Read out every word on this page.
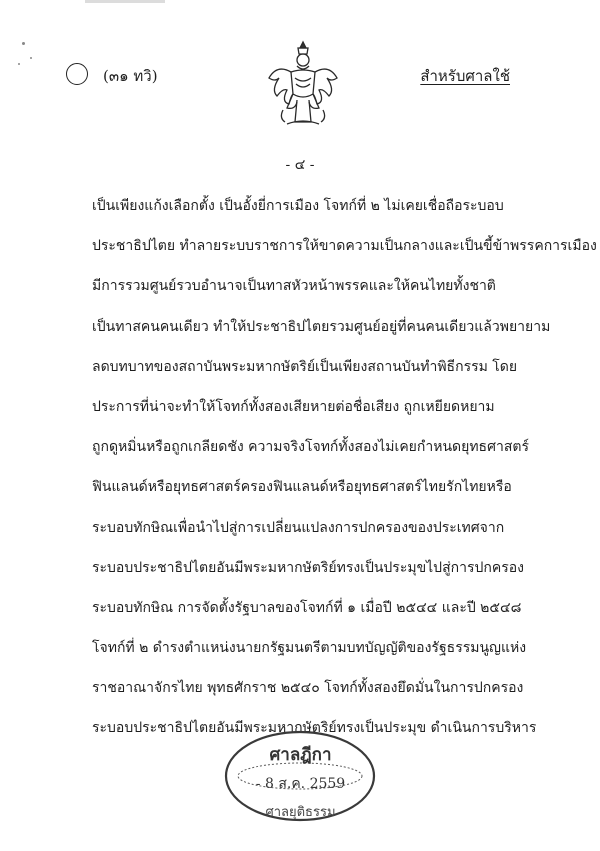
(๓๑ ทวิ)	สำหรับศาลใช้
- ๔ -
เป็นเพียงแก้งเลือกตั้ง เป็นอั้งยี่การเมือง โจทก์ที่ ๒ ไม่เคยเชื่อถือระบอบ
ประชาธิปไตย ทำลายระบบราชการให้ขาดความเป็นกลางและเป็นขี้ข้าพรรคการเมือง
มีการรวมศูนย์รวบอำนาจเป็นทาสหัวหน้าพรรคและให้คนไทยทั้งชาติ
เป็นทาสคนคนเดียว ทำให้ประชาธิปไตยรวมศูนย์อยู่ที่คนคนเดียวแล้วพยายาม
ลดบทบาทของสถาบันพระมหากษัตริย์เป็นเพียงสถานบันทำพิธีกรรม โดย
ประการที่น่าจะทำให้โจทก์ทั้งสองเสียหายต่อชื่อเสียง ถูกเหยียดหยาม
ถูกดูหมิ่นหรือถูกเกลียดชัง ความจริงโจทก์ทั้งสองไม่เคยกำหนดยุทธศาสตร์
ฟินแลนด์หรือยุทธศาสตร์ครองฟินแลนด์หรือยุทธศาสตร์ไทยรักไทยหรือ
ระบอบทักษิณเพื่อนำไปสู่การเปลี่ยนแปลงการปกครองของประเทศจาก
ระบอบประชาธิปไตยอันมีพระมหากษัตริย์ทรงเป็นประมุขไปสู่การปกครอง
ระบอบทักษิณ การจัดตั้งรัฐบาลของโจทก์ที่ ๑ เมื่อปี ๒๕๔๔ และปี ๒๕๔๘
โจทก์ที่ ๒ ดำรงตำแหน่งนายกรัฐมนตรีตามบทบัญญัติของรัฐธรรมนูญแห่ง
ราชอาณาจักรไทย พุทธศักราช ๒๕๔๐ โจทก์ทั้งสองยึดมั่นในการปกครอง
ระบอบประชาธิปไตยอันมีพระมหากษัตริย์ทรงเป็นประมุข ดำเนินการบริหาร
ศาลฎีกา
- 8 ส.ค. 2559
ศาลยุติธรรม
